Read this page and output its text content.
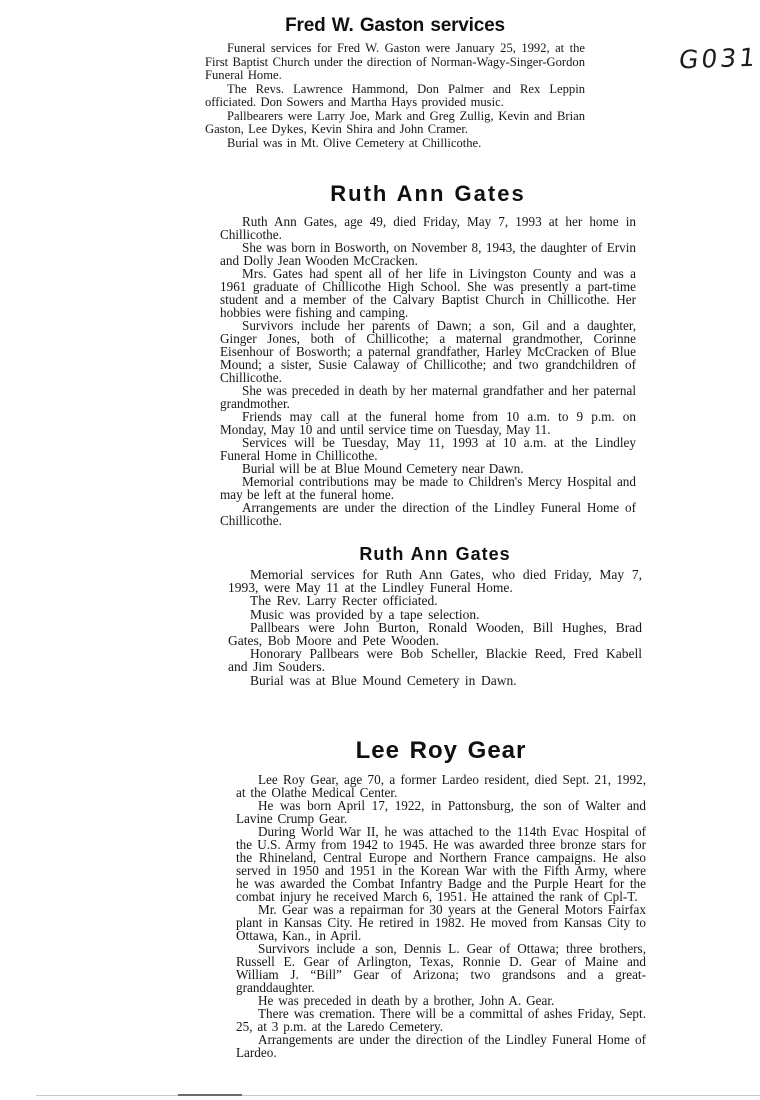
G031
Fred W. Gaston services

Funeral services for Fred W. Gaston were January 25, 1992, at the First Baptist Church under the direction of Norman-Wagy-Singer-Gordon Funeral Home.

The Revs. Lawrence Hammond, Don Palmer and Rex Leppin officiated. Don Sowers and Martha Hays provided music.

Pallbearers were Larry Joe, Mark and Greg Zullig, Kevin and Brian Gaston, Lee Dykes, Kevin Shira and John Cramer.

Burial was in Mt. Olive Cemetery at Chillicothe.

Ruth Ann Gates

Ruth Ann Gates, age 49, died Friday, May 7, 1993 at her home in Chillicothe.

She was born in Bosworth, on November 8, 1943, the daughter of Ervin and Dolly Jean Wooden McCracken.

Mrs. Gates had spent all of her life in Livingston County and was a 1961 graduate of Chillicothe High School. She was presently a part-time student and a member of the Calvary Baptist Church in Chillicothe. Her hobbies were fishing and camping.

Survivors include her parents of Dawn; a son, Gil and a daughter, Ginger Jones, both of Chillicothe; a maternal grandmother, Corinne Eisenhour of Bosworth; a paternal grandfather, Harley McCracken of Blue Mound; a sister, Susie Calaway of Chillicothe; and two grandchildren of Chillicothe.

She was preceded in death by her maternal grandfather and her paternal grandmother.

Friends may call at the funeral home from 10 a.m. to 9 p.m. on Monday, May 10 and until service time on Tuesday, May 11.

Services will be Tuesday, May 11, 1993 at 10 a.m. at the Lindley Funeral Home in Chillicothe.

Burial will be at Blue Mound Cemetery near Dawn.

Memorial contributions may be made to Children's Mercy Hospital and may be left at the funeral home.

Arrangements are under the direction of the Lindley Funeral Home of Chillicothe.

Ruth Ann Gates

Memorial services for Ruth Ann Gates, who died Friday, May 7, 1993, were May 11 at the Lindley Funeral Home.

The Rev. Larry Recter officiated.

Music was provided by a tape selection.

Pallbears were John Burton, Ronald Wooden, Bill Hughes, Brad Gates, Bob Moore and Pete Wooden.

Honorary Pallbears were Bob Scheller, Blackie Reed, Fred Kabell and Jim Souders.

Burial was at Blue Mound Cemetery in Dawn.

Lee Roy Gear

Lee Roy Gear, age 70, a former Lardeo resident, died Sept. 21, 1992, at the Olathe Medical Center.

He was born April 17, 1922, in Pattonsburg, the son of Walter and Lavine Crump Gear.

During World War II, he was attached to the 114th Evac Hospital of the U.S. Army from 1942 to 1945. He was awarded three bronze stars for the Rhineland, Central Europe and Northern France campaigns. He also served in 1950 and 1951 in the Korean War with the Fifth Army, where he was awarded the Combat Infantry Badge and the Purple Heart for the combat injury he received March 6, 1951. He attained the rank of Cpl-T.

Mr. Gear was a repairman for 30 years at the General Motors Fairfax plant in Kansas City. He retired in 1982. He moved from Kansas City to Ottawa, Kan., in April.

Survivors include a son, Dennis L. Gear of Ottawa; three brothers, Russell E. Gear of Arlington, Texas, Ronnie D. Gear of Maine and William J. “Bill” Gear of Arizona; two grandsons and a great-granddaughter.

He was preceded in death by a brother, John A. Gear.

There was cremation. There will be a committal of ashes Friday, Sept. 25, at 3 p.m. at the Laredo Cemetery.

Arrangements are under the direction of the Lindley Funeral Home of Lardeo.
